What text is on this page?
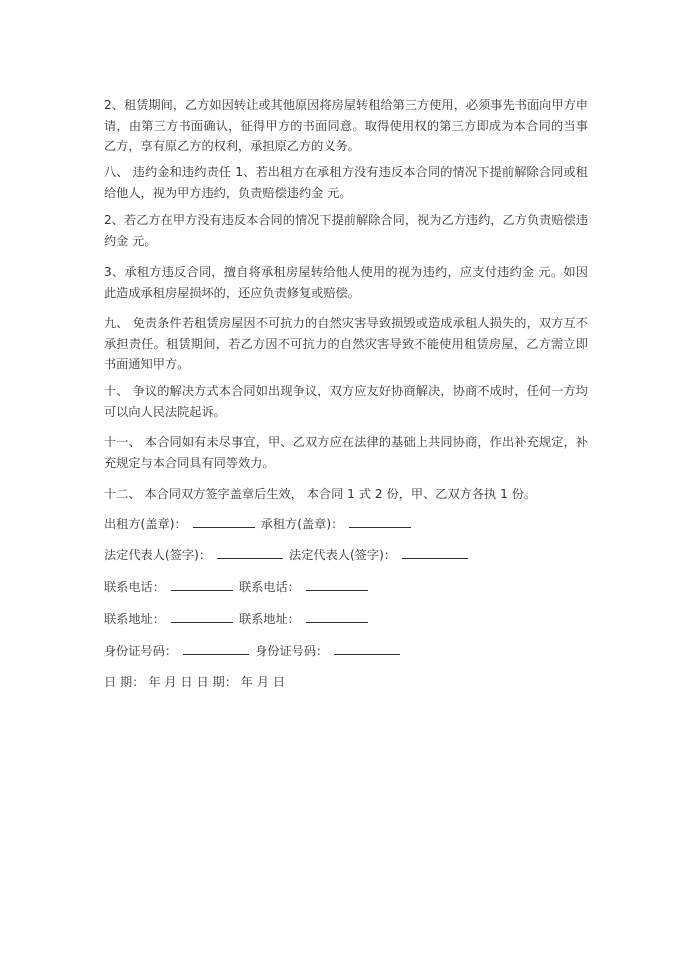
2、租赁期间，乙方如因转让或其他原因将房屋转租给第三方使用，必须事先书面向甲方申请，由第三方书面确认，征得甲方的书面同意。取得使用权的第三方即成为本合同的当事乙方，享有原乙方的权利，承担原乙方的义务。

八、 违约金和违约责任 1、若出租方在承租方没有违反本合同的情况下提前解除合同或租给他人，视为甲方违约，负责赔偿违约金 元。

2、若乙方在甲方没有违反本合同的情况下提前解除合同，视为乙方违约，乙方负责赔偿违约金 元。

3、承租方违反合同，擅自将承租房屋转给他人使用的视为违约，应支付违约金 元。如因此造成承租房屋损坏的，还应负责修复或赔偿。

九、 免责条件若租赁房屋因不可抗力的自然灾害导致损毁或造成承租人损失的，双方互不承担责任。租赁期间，若乙方因不可抗力的自然灾害导致不能使用租赁房屋，乙方需立即书面通知甲方。

十、 争议的解决方式本合同如出现争议，双方应友好协商解决，协商不成时，任何一方均可以向人民法院起诉。

十一、 本合同如有未尽事宜，甲、乙双方应在法律的基础上共同协商，作出补充规定，补充规定与本合同具有同等效力。

十二、 本合同双方签字盖章后生效， 本合同 1 式 2 份，甲、乙双方各执 1 份。

出租方(盖章)：	承租方(盖章)：

法定代表人(签字)：	法定代表人(签字)：

联系电话：	联系电话：

联系地址：	联系地址：

身份证号码：	身份证号码：

日 期： 年 月 日 日 期： 年 月 日
